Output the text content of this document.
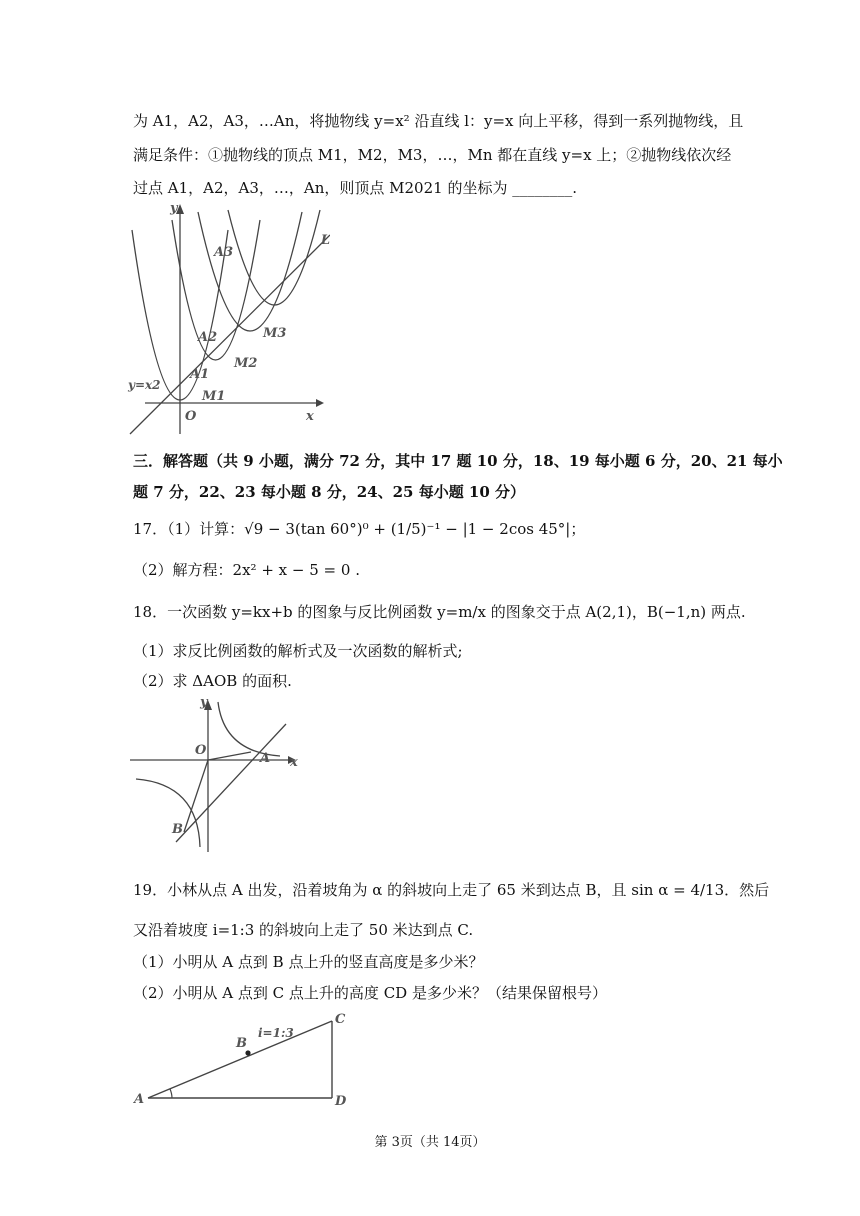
为 A1，A2，A3，…An，将抛物线 y=x² 沿直线 l：y=x 向上平移，得到一系列抛物线，且
满足条件：①抛物线的顶点 M1，M2，M3，…，Mn 都在直线 y=x 上；②抛物线依次经
过点 A1，A2，A3，…，An，则顶点 M2021 的坐标为 ________.
y
L
A3
A2	M3
M2
A1
y=x2
M1
O	x
三．解答题（共 9 小题，满分 72 分，其中 17 题 10 分，18、19 每小题 6 分，20、21 每小
题 7 分，22、23 每小题 8 分，24、25 每小题 10 分）
17．（1）计算：√9 − 3(tan 60°)⁰ + (1/5)⁻¹ − |1 − 2cos 45°|；
（2）解方程：2x² + x − 5 = 0 .
18．一次函数 y=kx+b 的图象与反比例函数 y=m/x 的图象交于点 A(2,1)，B(−1,n) 两点.
（1）求反比例函数的解析式及一次函数的解析式;
（2）求 ΔAOB 的面积.
y
A
O
x
B
19．小林从点 A 出发，沿着坡角为 α 的斜坡向上走了 65 米到达点 B，且 sin α = 4/13．然后
又沿着坡度 i=1:3 的斜坡向上走了 50 米达到点 C.
（1）小明从 A 点到 B 点上升的竖直高度是多少米？
（2）小明从 A 点到 C 点上升的高度 CD 是多少米？（结果保留根号）
C
i=1:3
B
A	D
第 3页（共 14页）
